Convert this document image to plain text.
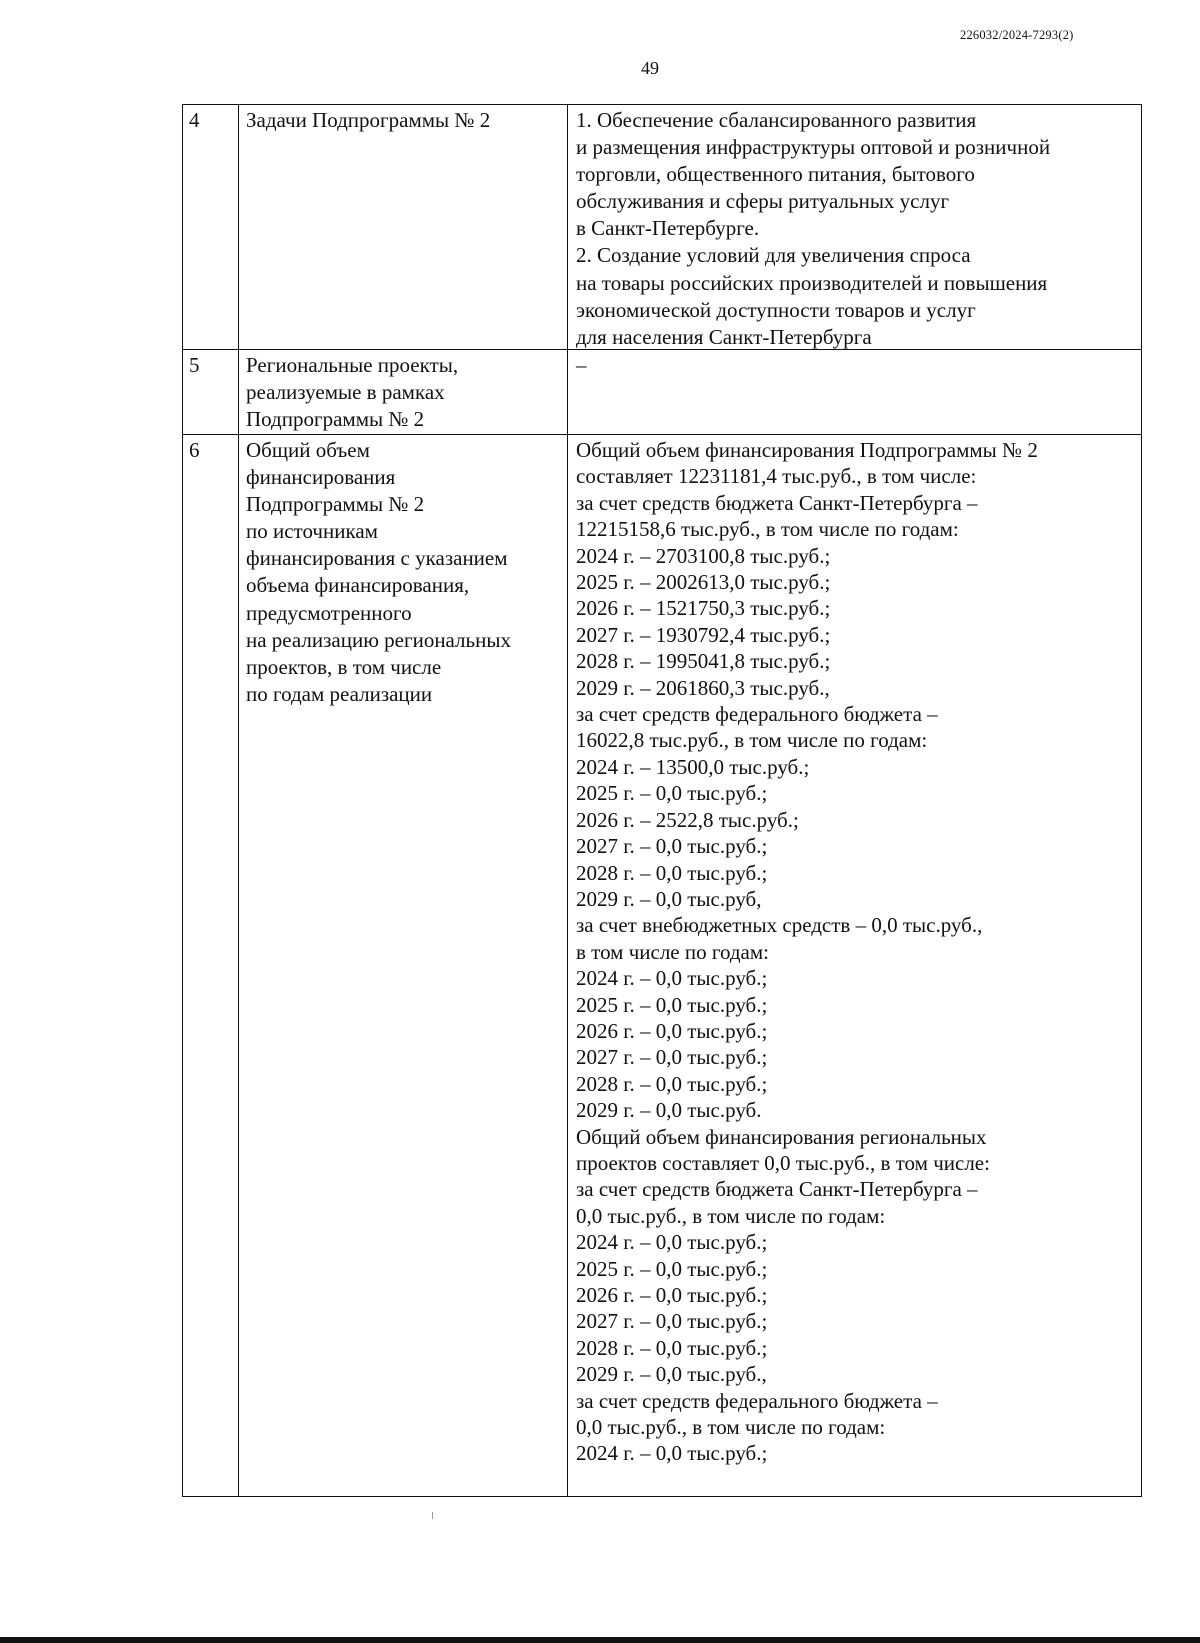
226032/2024-7293(2)
49
4 Задачи Подпрограммы № 2	1. Обеспечение сбалансированного развития
и размещения инфраструктуры оптовой и розничной
торговли, общественного питания, бытового
обслуживания и сферы ритуальных услуг
в Санкт-Петербурге.
2. Создание условий для увеличения спроса
на товары российских производителей и повышения
экономической доступности товаров и услуг
для населения Санкт-Петербурга
5 Региональные проекты,
реализуемые в рамках
Подпрограммы № 2
–
6 Общий объем
финансирования
Подпрограммы № 2
по источникам
финансирования с указанием
объема финансирования,
предусмотренного
на реализацию региональных
проектов, в том числе
по годам реализации
Общий объем финансирования Подпрограммы № 2
составляет 12231181,4 тыс.руб., в том числе:
за счет средств бюджета Санкт-Петербурга –
12215158,6 тыс.руб., в том числе по годам:
2024 г. – 2703100,8 тыс.руб.;
2025 г. – 2002613,0 тыс.руб.;
2026 г. – 1521750,3 тыс.руб.;
2027 г. – 1930792,4 тыс.руб.;
2028 г. – 1995041,8 тыс.руб.;
2029 г. – 2061860,3 тыс.руб.,
за счет средств федерального бюджета –
16022,8 тыс.руб., в том числе по годам:
2024 г. – 13500,0 тыс.руб.;
2025 г. – 0,0 тыс.руб.;
2026 г. – 2522,8 тыс.руб.;
2027 г. – 0,0 тыс.руб.;
2028 г. – 0,0 тыс.руб.;
2029 г. – 0,0 тыс.руб,
за счет внебюджетных средств – 0,0 тыс.руб.,
в том числе по годам:
2024 г. – 0,0 тыс.руб.;
2025 г. – 0,0 тыс.руб.;
2026 г. – 0,0 тыс.руб.;
2027 г. – 0,0 тыс.руб.;
2028 г. – 0,0 тыс.руб.;
2029 г. – 0,0 тыс.руб.
Общий объем финансирования региональных
проектов составляет 0,0 тыс.руб., в том числе:
за счет средств бюджета Санкт-Петербурга –
0,0 тыс.руб., в том числе по годам:
2024 г. – 0,0 тыс.руб.;
2025 г. – 0,0 тыс.руб.;
2026 г. – 0,0 тыс.руб.;
2027 г. – 0,0 тыс.руб.;
2028 г. – 0,0 тыс.руб.;
2029 г. – 0,0 тыс.руб.,
за счет средств федерального бюджета –
0,0 тыс.руб., в том числе по годам:
2024 г. – 0,0 тыс.руб.;
